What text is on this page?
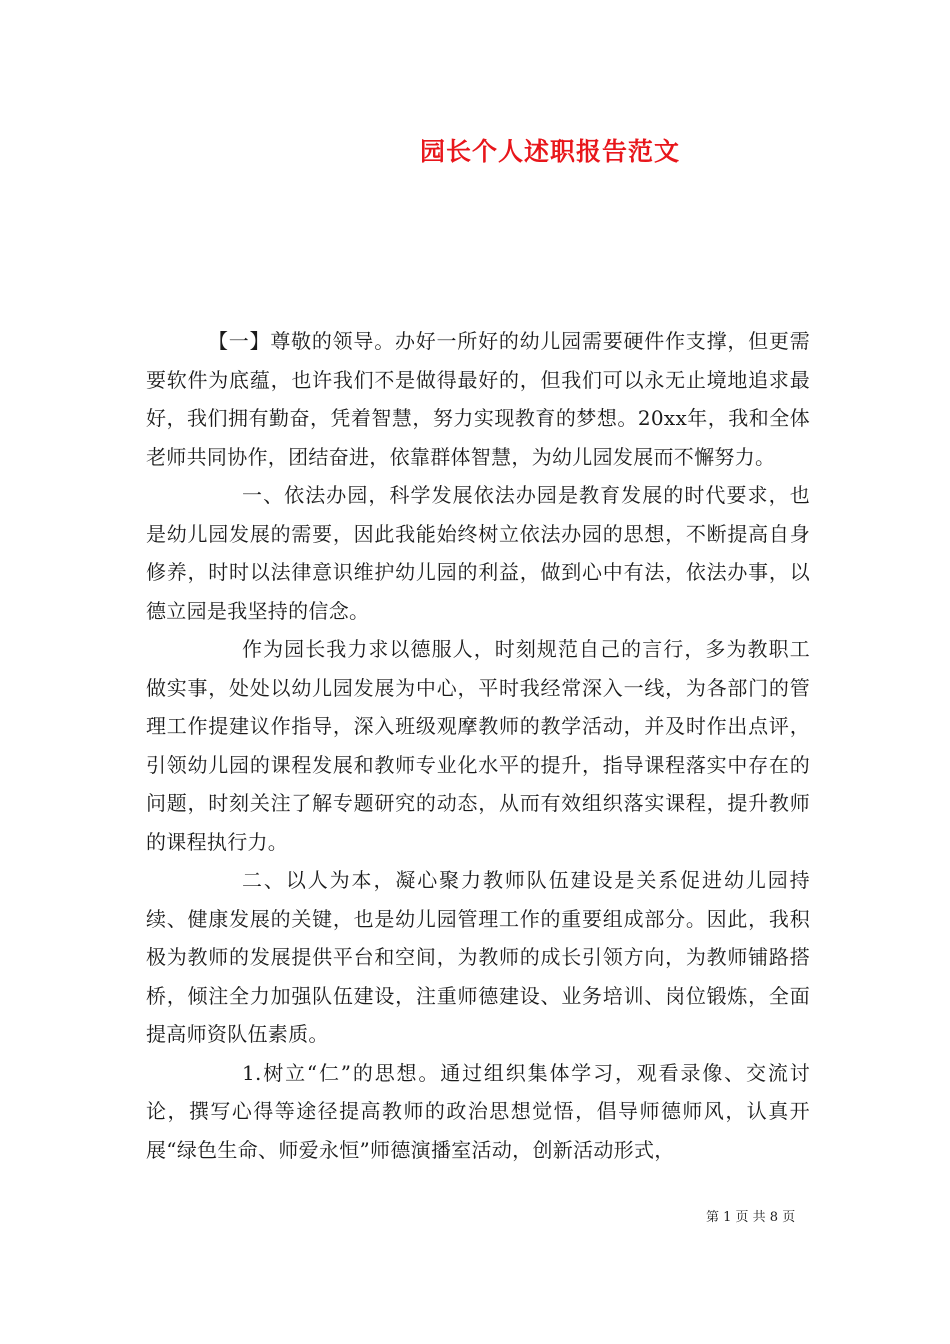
园长个人述职报告范文

【一】尊敬的领导。办好一所好的幼儿园需要硬件作支撑，但更需要软件为底蕴，也许我们不是做得最好的，但我们可以永无止境地追求最好，我们拥有勤奋，凭着智慧，努力实现教育的梦想。20xx年，我和全体老师共同协作，团结奋进，依靠群体智慧，为幼儿园发展而不懈努力。

一、依法办园，科学发展依法办园是教育发展的时代要求，也是幼儿园发展的需要，因此我能始终树立依法办园的思想，不断提高自身修养，时时以法律意识维护幼儿园的利益，做到心中有法，依法办事，以德立园是我坚持的信念。

作为园长我力求以德服人，时刻规范自己的言行，多为教职工做实事，处处以幼儿园发展为中心，平时我经常深入一线，为各部门的管理工作提建议作指导，深入班级观摩教师的教学活动，并及时作出点评，引领幼儿园的课程发展和教师专业化水平的提升，指导课程落实中存在的问题，时刻关注了解专题研究的动态，从而有效组织落实课程，提升教师的课程执行力。

二、以人为本，凝心聚力教师队伍建设是关系促进幼儿园持续、健康发展的关键，也是幼儿园管理工作的重要组成部分。因此，我积极为教师的发展提供平台和空间，为教师的成长引领方向，为教师铺路搭桥，倾注全力加强队伍建设，注重师德建设、业务培训、岗位锻炼，全面提高师资队伍素质。

1.树立“仁”的思想。通过组织集体学习，观看录像、交流讨论，撰写心得等途径提高教师的政治思想觉悟，倡导师德师风，认真开展“绿色生命、师爱永恒”师德演播室活动，创新活动形式，

第 1 页 共 8 页
